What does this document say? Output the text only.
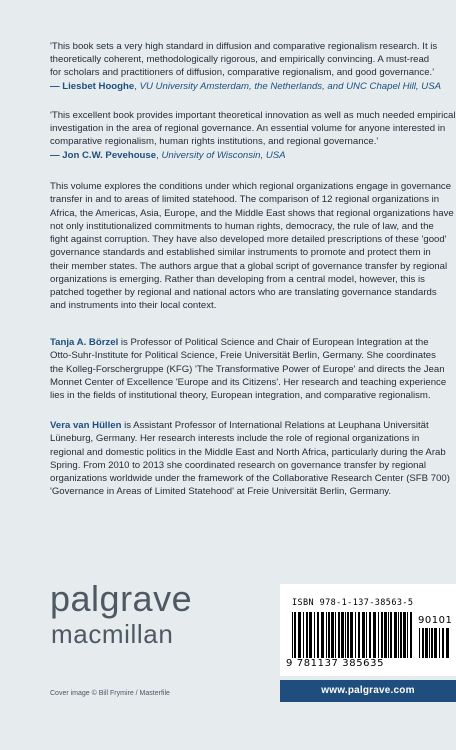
'This book sets a very high standard in diffusion and comparative regionalism research. It is
theoretically coherent, methodologically rigorous, and empirically convincing. A must-read
for scholars and practitioners of diffusion, comparative regionalism, and good governance.'
— Liesbet Hooghe, VU University Amsterdam, the Netherlands, and UNC Chapel Hill, USA
'This excellent book provides important theoretical innovation as well as much needed empirical
investigation in the area of regional governance. An essential volume for anyone interested in
comparative regionalism, human rights institutions, and regional governance.'
— Jon C.W. Pevehouse, University of Wisconsin, USA
This volume explores the conditions under which regional organizations engage in governance
transfer in and to areas of limited statehood. The comparison of 12 regional organizations in
Africa, the Americas, Asia, Europe, and the Middle East shows that regional organizations have
not only institutionalized commitments to human rights, democracy, the rule of law, and the
fight against corruption. They have also developed more detailed prescriptions of these 'good'
governance standards and established similar instruments to promote and protect them in
their member states. The authors argue that a global script of governance transfer by regional
organizations is emerging. Rather than developing from a central model, however, this is
patched together by regional and national actors who are translating governance standards
and instruments into their local context.
Tanja A. Börzel is Professor of Political Science and Chair of European Integration at the
Otto-Suhr-Institute for Political Science, Freie Universität Berlin, Germany. She coordinates
the Kolleg-Forschergruppe (KFG) 'The Transformative Power of Europe' and directs the Jean
Monnet Center of Excellence 'Europe and its Citizens'. Her research and teaching experience
lies in the fields of institutional theory, European integration, and comparative regionalism.
Vera van Hüllen is Assistant Professor of International Relations at Leuphana Universität
Lüneburg, Germany. Her research interests include the role of regional organizations in
regional and domestic politics in the Middle East and North Africa, particularly during the Arab
Spring. From 2010 to 2013 she coordinated research on governance transfer by regional
organizations worldwide under the framework of the Collaborative Research Center (SFB 700)
'Governance in Areas of Limited Statehood' at Freie Universität Berlin, Germany.
palgrave
macmillan
ISBN 978-1-137-38563-5
90101
9 781137 385635
Cover image © Bill Frymire / Masterfile	www.palgrave.com
